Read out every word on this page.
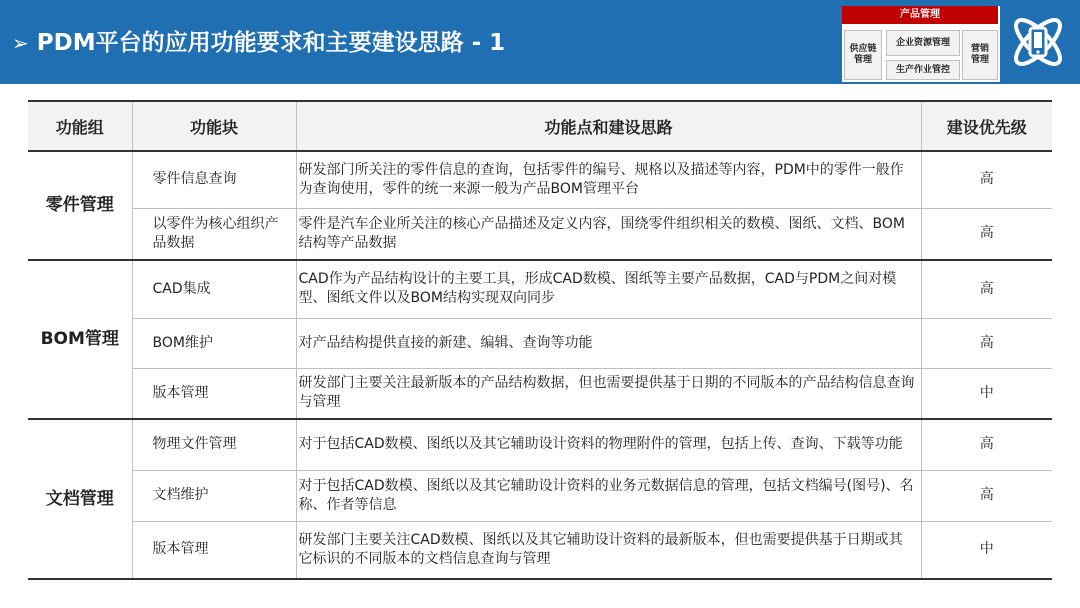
➢ PDM平台的应用功能要求和主要建设思路 - 1
产品管理
供应链
管理
企业资源管理
生产作业管控
营销
管理
功能组	功能块	功能点和建设思路	建设优先级
零件管理	零件信息查询	研发部门所关注的零件信息的查询，包括零件的编号、规格以及描述等内容，PDM中的零件一般作为查询使用，零件的统一来源一般为产品BOM管理平台	高
	以零件为核心组织产品数据	零件是汽车企业所关注的核心产品描述及定义内容，围绕零件组织相关的数模、图纸、文档、BOM结构等产品数据	高
BOM管理	CAD集成	CAD作为产品结构设计的主要工具，形成CAD数模、图纸等主要产品数据，CAD与PDM之间对模型、图纸文件以及BOM结构实现双向同步	高
	BOM维护	对产品结构提供直接的新建、编辑、查询等功能	高
	版本管理	研发部门主要关注最新版本的产品结构数据，但也需要提供基于日期的不同版本的产品结构信息查询与管理	中
文档管理	物理文件管理	对于包括CAD数模、图纸以及其它辅助设计资料的物理附件的管理，包括上传、查询、下载等功能	高
	文档维护	对于包括CAD数模、图纸以及其它辅助设计资料的业务元数据信息的管理，包括文档编号(图号)、名称、作者等信息	高
	版本管理	研发部门主要关注CAD数模、图纸以及其它辅助设计资料的最新版本，但也需要提供基于日期或其它标识的不同版本的文档信息查询与管理	中
